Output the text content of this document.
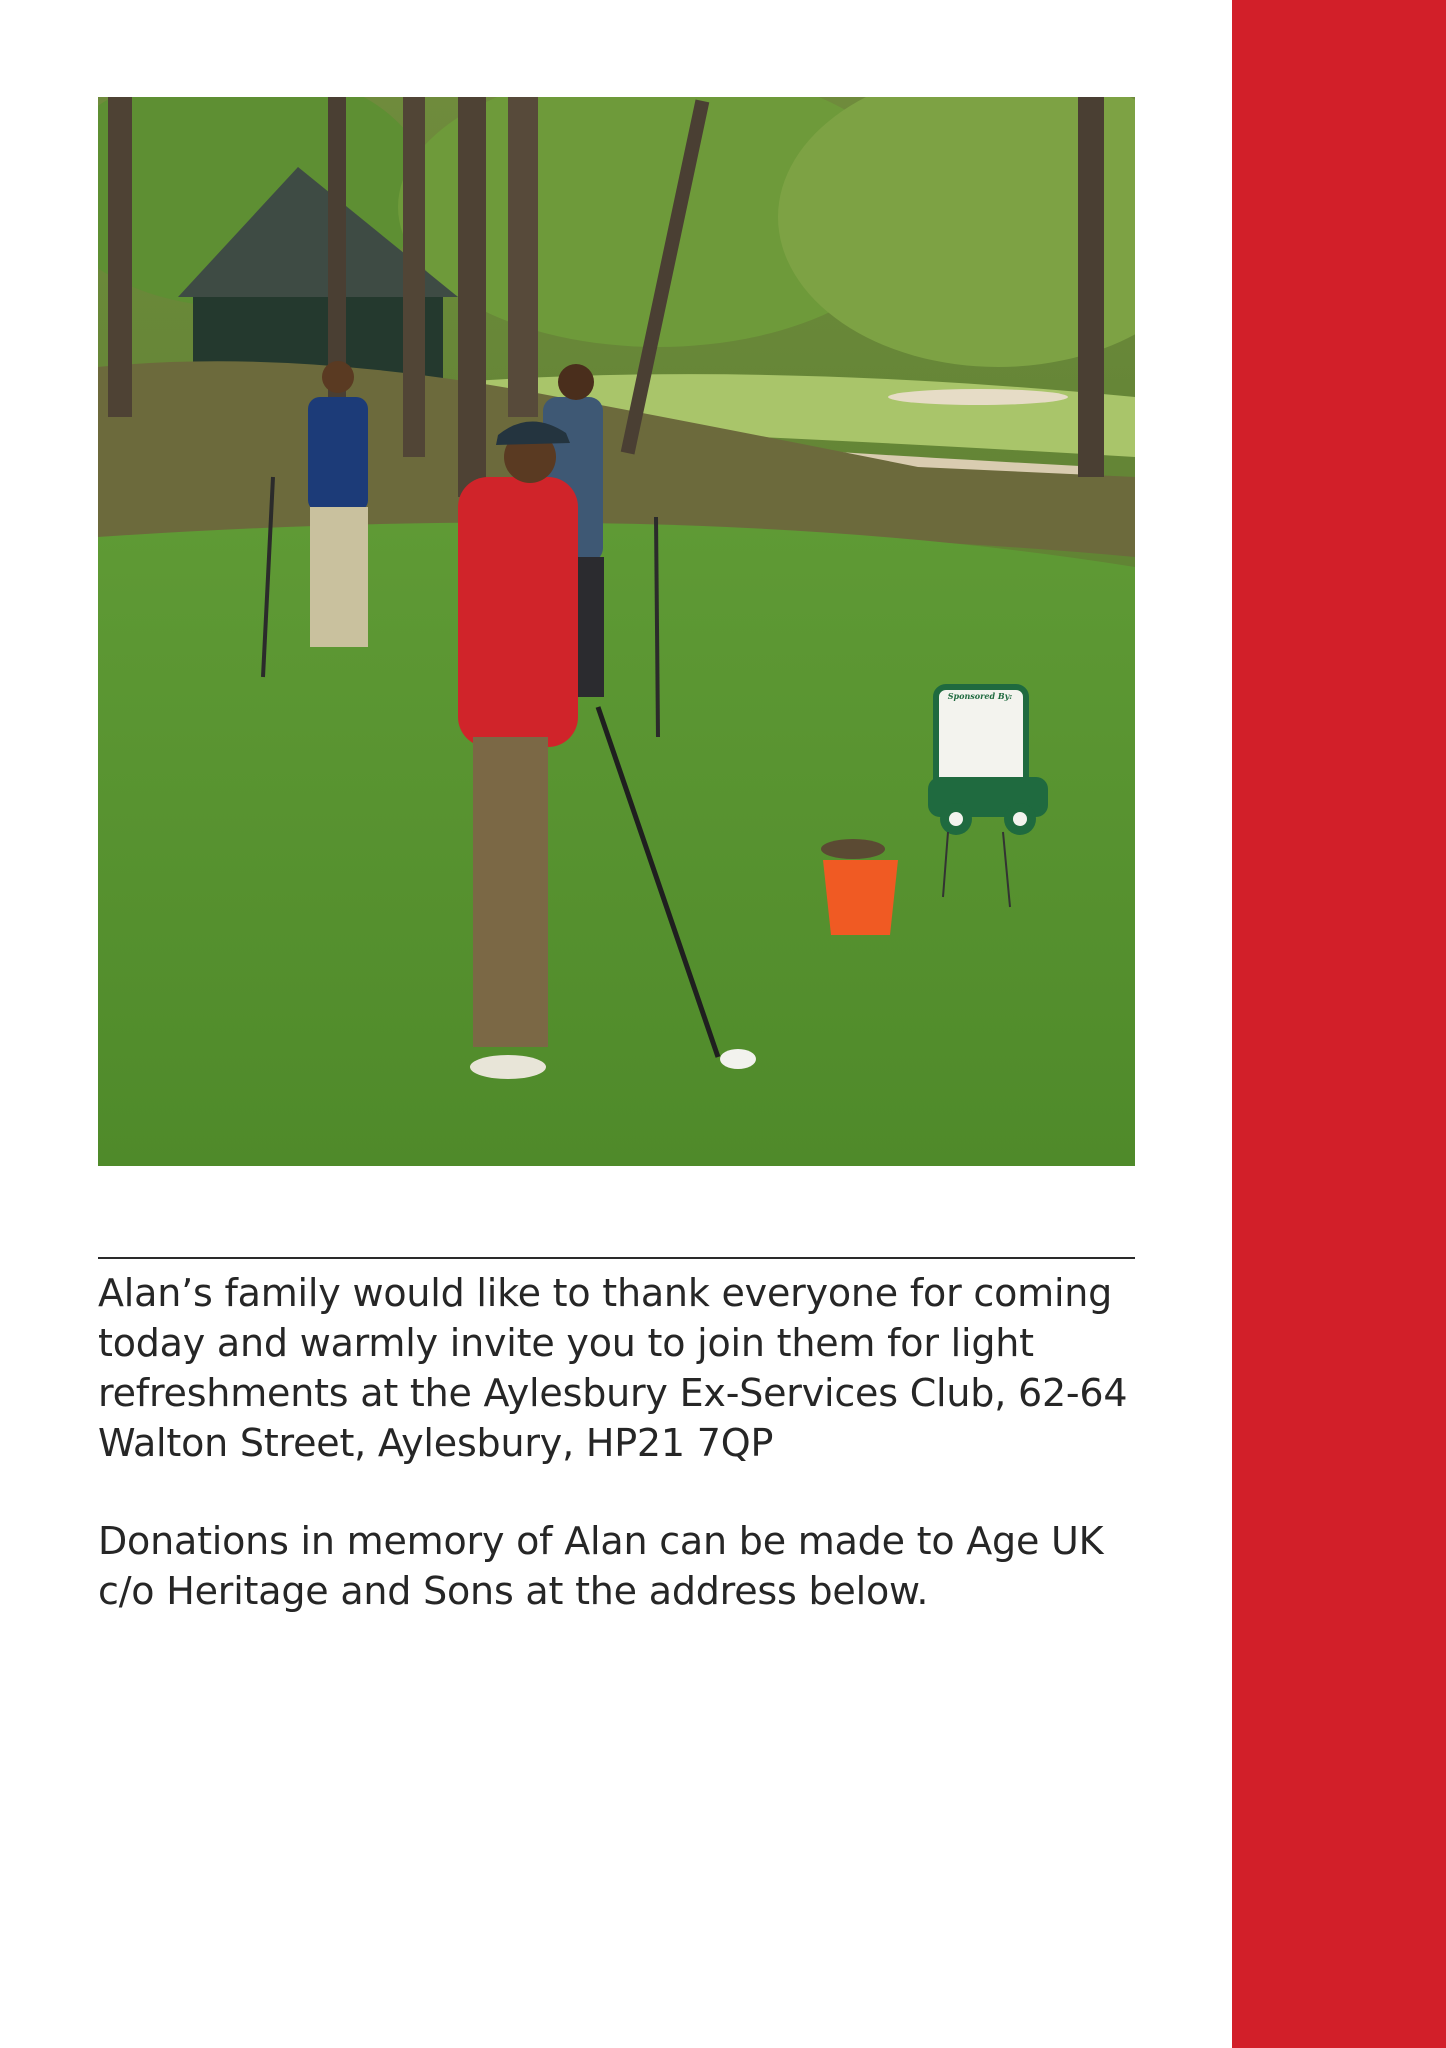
Sponsored By:

Alan’s family would like to thank everyone for coming today and warmly invite you to join them for light refreshments at the Aylesbury Ex-Services Club, 62-64 Walton Street, Aylesbury, HP21 7QP

Donations in memory of Alan can be made to Age UK c/o Heritage and Sons at the address below.
